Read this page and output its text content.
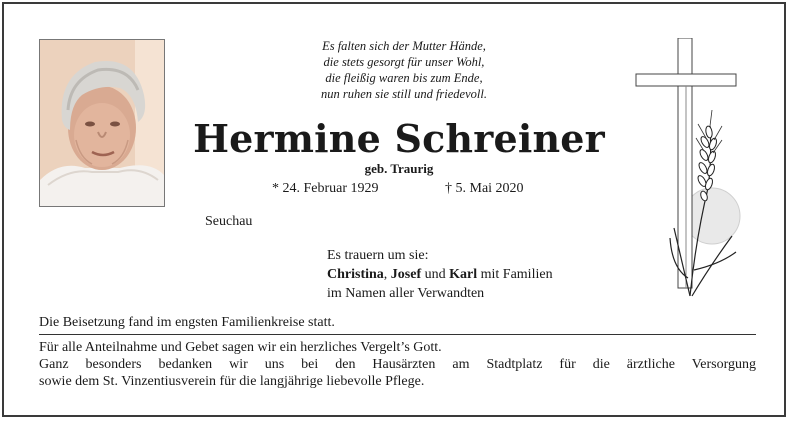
Es falten sich der Mutter Hände,
die stets gesorgt für unser Wohl,
die fleißig waren bis zum Ende,
nun ruhen sie still und friedevoll.
Hermine Schreiner
geb. Traurig
* 24. Februar 1929	† 5. Mai 2020
Seuchau
Es trauern um sie:
Christina, Josef und Karl mit Familien
im Namen aller Verwandten
Die Beisetzung fand im engsten Familienkreise statt.
Für alle Anteilnahme und Gebet sagen wir ein herzliches Vergelt’s Gott.
Ganz besonders bedanken wir uns bei den Hausärzten am Stadtplatz für die ärztliche Versorgung
sowie dem St. Vinzentiusverein für die langjährige liebevolle Pflege.
